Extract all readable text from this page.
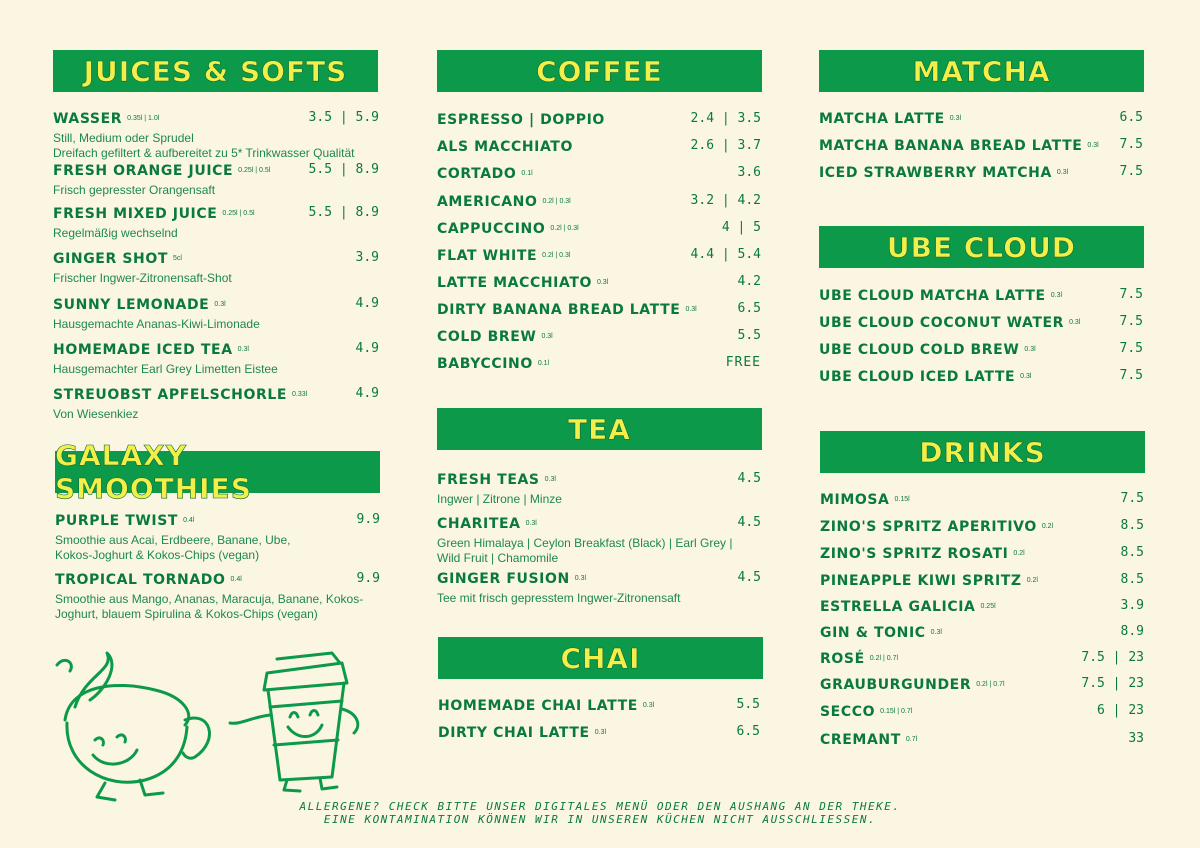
JUICES & SOFTS
WASSER 0.35l | 1.0l	3.5 | 5.9
Still, Medium oder Sprudel
Dreifach gefiltert & aufbereitet zu 5* Trinkwasser Qualität
FRESH ORANGE JUICE 0.25l | 0.5l	5.5 | 8.9
Frisch gepresster Orangensaft
FRESH MIXED JUICE 0.25l | 0.5l	5.5 | 8.9
Regelmäßig wechselnd
GINGER SHOT 5cl	3.9
Frischer Ingwer-Zitronensaft-Shot
SUNNY LEMONADE 0.3l	4.9
Hausgemachte Ananas-Kiwi-Limonade
HOMEMADE ICED TEA 0.3l	4.9
Hausgemachter Earl Grey Limetten Eistee
STREUOBST APFELSCHORLE 0.33l	4.9
Von Wiesenkiez
GALAXY SMOOTHIES
PURPLE TWIST 0.4l	9.9
Smoothie aus Acai, Erdbeere, Banane, Ube,
Kokos-Joghurt & Kokos-Chips (vegan)
TROPICAL TORNADO 0.4l	9.9
Smoothie aus Mango, Ananas, Maracuja, Banane, Kokos-
Joghurt, blauem Spirulina & Kokos-Chips (vegan)
COFFEE
ESPRESSO | DOPPIO	2.4 | 3.5
ALS MACCHIATO	2.6 | 3.7
CORTADO 0.1l	3.6
AMERICANO 0.2l | 0.3l	3.2 | 4.2
CAPPUCCINO 0.2l | 0.3l	4 | 5
FLAT WHITE 0.2l | 0.3l	4.4 | 5.4
LATTE MACCHIATO 0.3l	4.2
DIRTY BANANA BREAD LATTE 0.3l	6.5
COLD BREW 0.3l	5.5
BABYCCINO 0.1l	FREE
TEA
FRESH TEAS 0.3l	4.5
Ingwer | Zitrone | Minze
CHARITEA 0.3l	4.5
Green Himalaya | Ceylon Breakfast (Black) | Earl Grey |
Wild Fruit | Chamomile
GINGER FUSION 0.3l	4.5
Tee mit frisch gepresstem Ingwer-Zitronensaft
CHAI
HOMEMADE CHAI LATTE 0.3l	5.5
DIRTY CHAI LATTE 0.3l	6.5
MATCHA
MATCHA LATTE 0.3l	6.5
MATCHA BANANA BREAD LATTE 0.3l 7.5
ICED STRAWBERRY MATCHA 0.3l	7.5
UBE CLOUD
UBE CLOUD MATCHA LATTE 0.3l	7.5
UBE CLOUD COCONUT WATER 0.3l	7.5
UBE CLOUD COLD BREW 0.3l	7.5
UBE CLOUD ICED LATTE 0.3l	7.5
DRINKS
MIMOSA 0.15l	7.5
ZINO'S SPRITZ APERITIVO 0.2l	8.5
ZINO'S SPRITZ ROSATI 0.2l	8.5
PINEAPPLE KIWI SPRITZ 0.2l	8.5
ESTRELLA GALICIA 0.25l	3.9
GIN & TONIC 0.3l	8.9
ROSÉ 0.2l | 0.7l	7.5 | 23
GRAUBURGUNDER 0.2l | 0.7l	7.5 | 23
SECCO 0.15l | 0.7l	6 | 23
CREMANT 0.7l	33
ALLERGENE? CHECK BITTE UNSER DIGITALES MENÜ ODER DEN AUSHANG AN DER THEKE.
EINE KONTAMINATION KÖNNEN WIR IN UNSEREN KÜCHEN NICHT AUSSCHLIESSEN.
